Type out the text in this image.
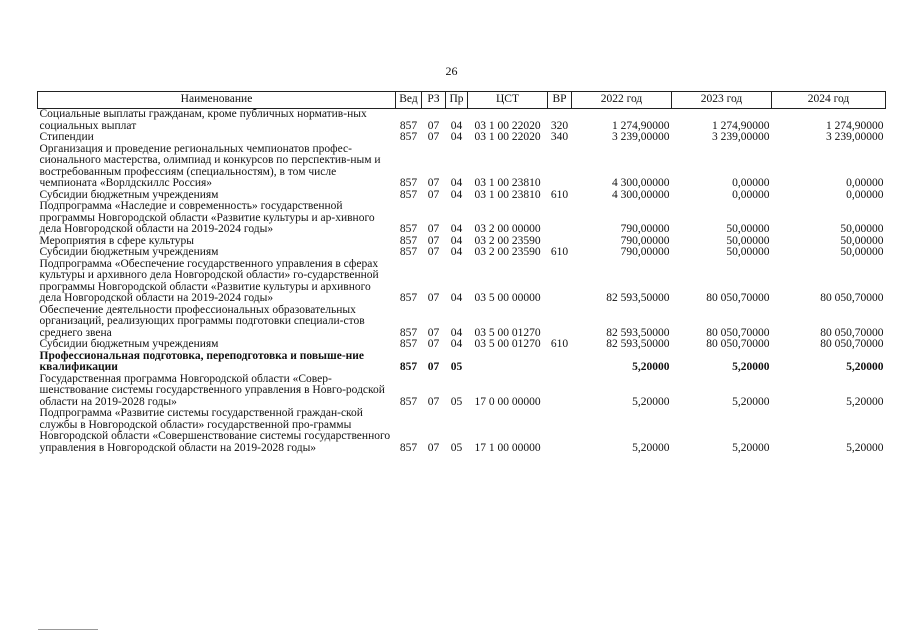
26
Наименование	Вед	РЗ	Пр	ЦСТ	ВР	2022 год	2023 год	2024 год
Социальные выплаты гражданам, кроме публичных норматив-ных социальных выплат	857	07	04	03 1 00 22020	320	1 274,90000	1 274,90000	1 274,90000
Стипендии	857	07	04	03 1 00 22020	340	3 239,00000	3 239,00000	3 239,00000
Организация и проведение региональных чемпионатов профес-сионального мастерства, олимпиад и конкурсов по перспектив-ным и востребованным профессиям (специальностям), в том числе чемпионата «Ворлдскиллс Россия»	857	07	04	03 1 00 23810		4 300,00000	0,00000	0,00000
Субсидии бюджетным учреждениям	857	07	04	03 1 00 23810	610	4 300,00000	0,00000	0,00000
Подпрограмма «Наследие и современность» государственной программы Новгородской области «Развитие культуры и ар-хивного дела Новгородской области на 2019-2024 годы»	857	07	04	03 2 00 00000		790,00000	50,00000	50,00000
Мероприятия в сфере культуры	857	07	04	03 2 00 23590		790,00000	50,00000	50,00000
Субсидии бюджетным учреждениям	857	07	04	03 2 00 23590	610	790,00000	50,00000	50,00000
Подпрограмма «Обеспечение государственного управления в сферах культуры и архивного дела Новгородской области» го-сударственной программы Новгородской области «Развитие культуры и архивного дела Новгородской области на 2019-2024 годы»	857	07	04	03 5 00 00000		82 593,50000	80 050,70000	80 050,70000
Обеспечение деятельности профессиональных образовательных организаций, реализующих программы подготовки специали-стов среднего звена	857	07	04	03 5 00 01270		82 593,50000	80 050,70000	80 050,70000
Субсидии бюджетным учреждениям	857	07	04	03 5 00 01270	610	82 593,50000	80 050,70000	80 050,70000
Профессиональная подготовка, переподготовка и повыше-ние квалификации	857	07	05			5,20000	5,20000	5,20000
Государственная программа Новгородской области «Совер-шенствование системы государственного управления в Новго-родской области на 2019-2028 годы»	857	07	05	17 0 00 00000		5,20000	5,20000	5,20000
Подпрограмма «Развитие системы государственной граждан-ской службы в Новгородской области» государственной про-граммы Новгородской области «Совершенствование системы государственного управления в Новгородской области на 2019-2028 годы»	857	07	05	17 1 00 00000		5,20000	5,20000	5,20000
